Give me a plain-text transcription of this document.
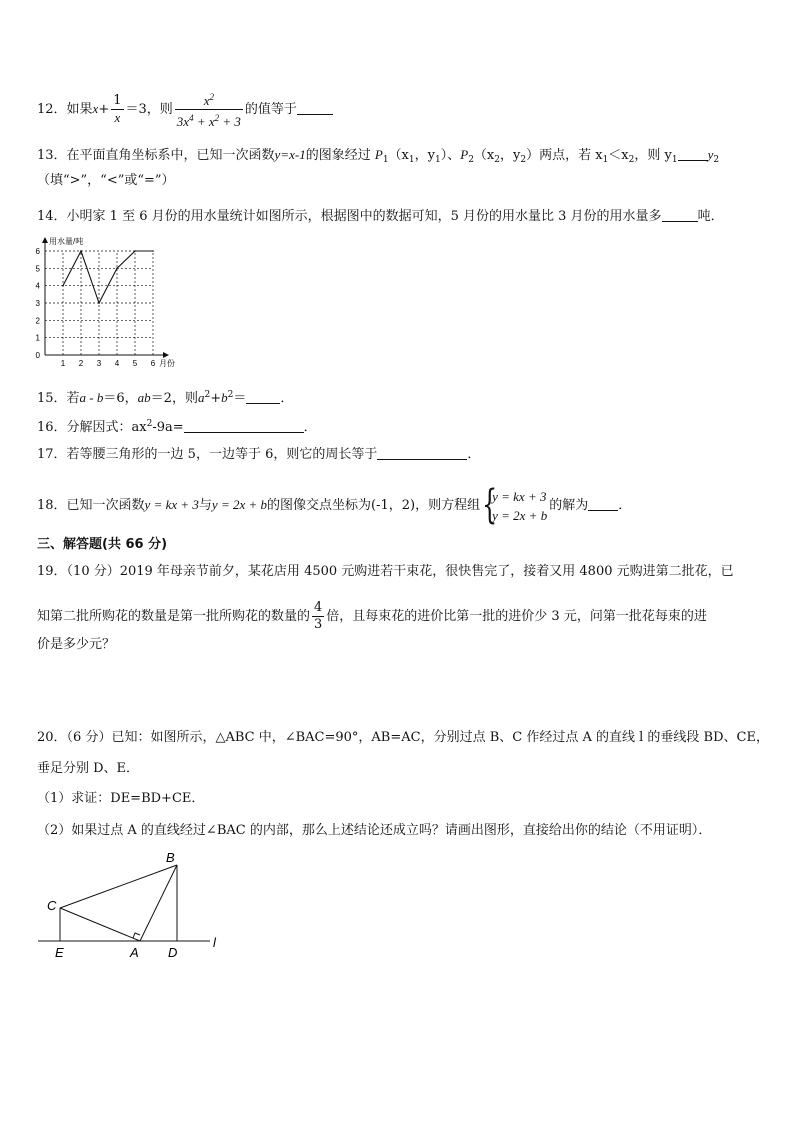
12．如果$x+ \frac{1}{x} =3$，则 $\frac{x^2}{3x^4 + x^2 + 3}$ 的值等于
13．在平面直角坐标系中，已知一次函数y=x-1的图象经过 $P_1(x_1$，$y_1$）、$P_2(x_2$，$y_2$）两点，若 $x_1<x_2$，则 $y_1$ $y_2$
（填“>”，“<”或“=”）
14．小明家 1 至 6 月份的用水量统计如图所示，根据图中的数据可知，5 月份的用水量比 3 月份的用水量多	吨．
1 2 3 4 5 6
0
1
2
3
4
5
6
用水量/吨
月份
15．若a - b＝6，ab＝2，则$a^2+b^2=$	．
16．分解因式：$ax^2-9a=$	．
17．若等腰三角形的一边 5，一边等于 6，则它的周长等于	．
18．已知一次函数y = kx + 3与y = 2x + b的图像交点坐标为(-1，2)，则方程组 {
y = kx + 3
y = 2x + b
的解为 ．
三、解答题(共 66 分)
19．（10 分）2019 年母亲节前夕，某花店用 4500 元购进若干束花，很快售完了，接着又用 4800 元购进第二批花，已
知第二批所购花的数量是第一批所购花的数量的 $\frac{4}{3}$ 倍，且每束花的进价比第一批的进价少 3 元，问第一批花每束的进
价是多少元？
20．（6 分）已知：如图所示，△ABC 中，∠BAC=90°，AB=AC，分别过点 B、C 作经过点 A 的直线 l 的垂线段 BD、CE，
垂足分别 D、E．
（1）求证：DE=BD+CE．
（2）如果过点 A 的直线经过∠BAC 的内部，那么上述结论还成立吗？请画出图形，直接给出你的结论（不用证明）．
B
C
E	A D
l
